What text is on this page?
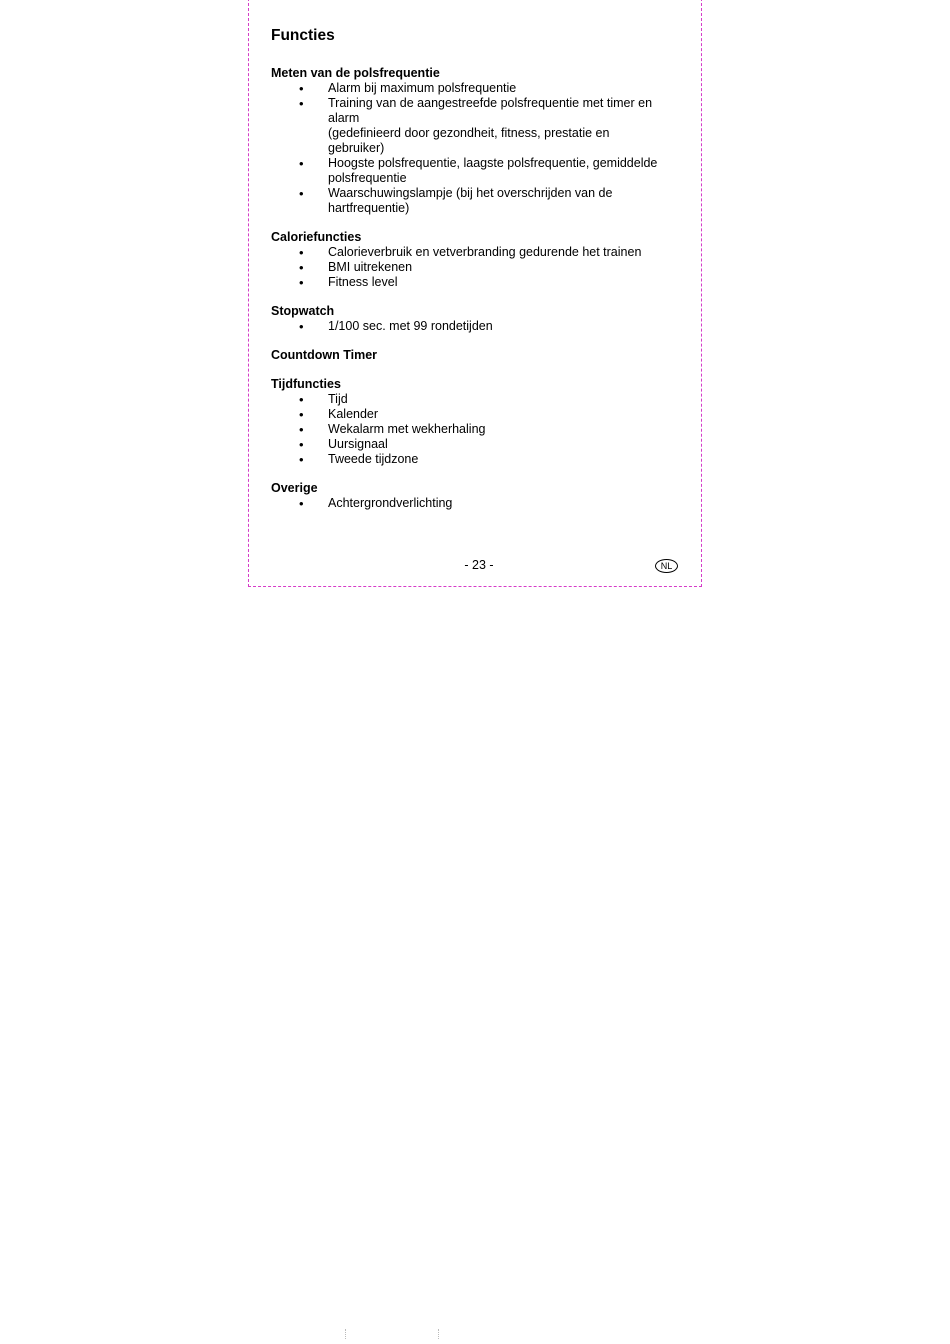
Functies

Meten van de polsfrequentie

• Alarm bij maximum polsfrequentie
• Training van de aangestreefde polsfrequentie met timer en
alarm
(gedefinieerd door gezondheit, fitness, prestatie en
gebruiker)
• Hoogste polsfrequentie, laagste polsfrequentie, gemiddelde
polsfrequentie
• Waarschuwingslampje (bij het overschrijden van de
hartfrequentie)

Caloriefuncties

• Calorieverbruik en vetverbranding gedurende het trainen
• BMI uitrekenen
• Fitness level

Stopwatch

• 1/100 sec. met 99 rondetijden

Countdown Timer

Tijdfuncties

• Tijd
• Kalender
• Wekalarm met wekherhaling
• Uursignaal
• Tweede tijdzone

Overige

• Achtergrondverlichting
- 23 -	NL
